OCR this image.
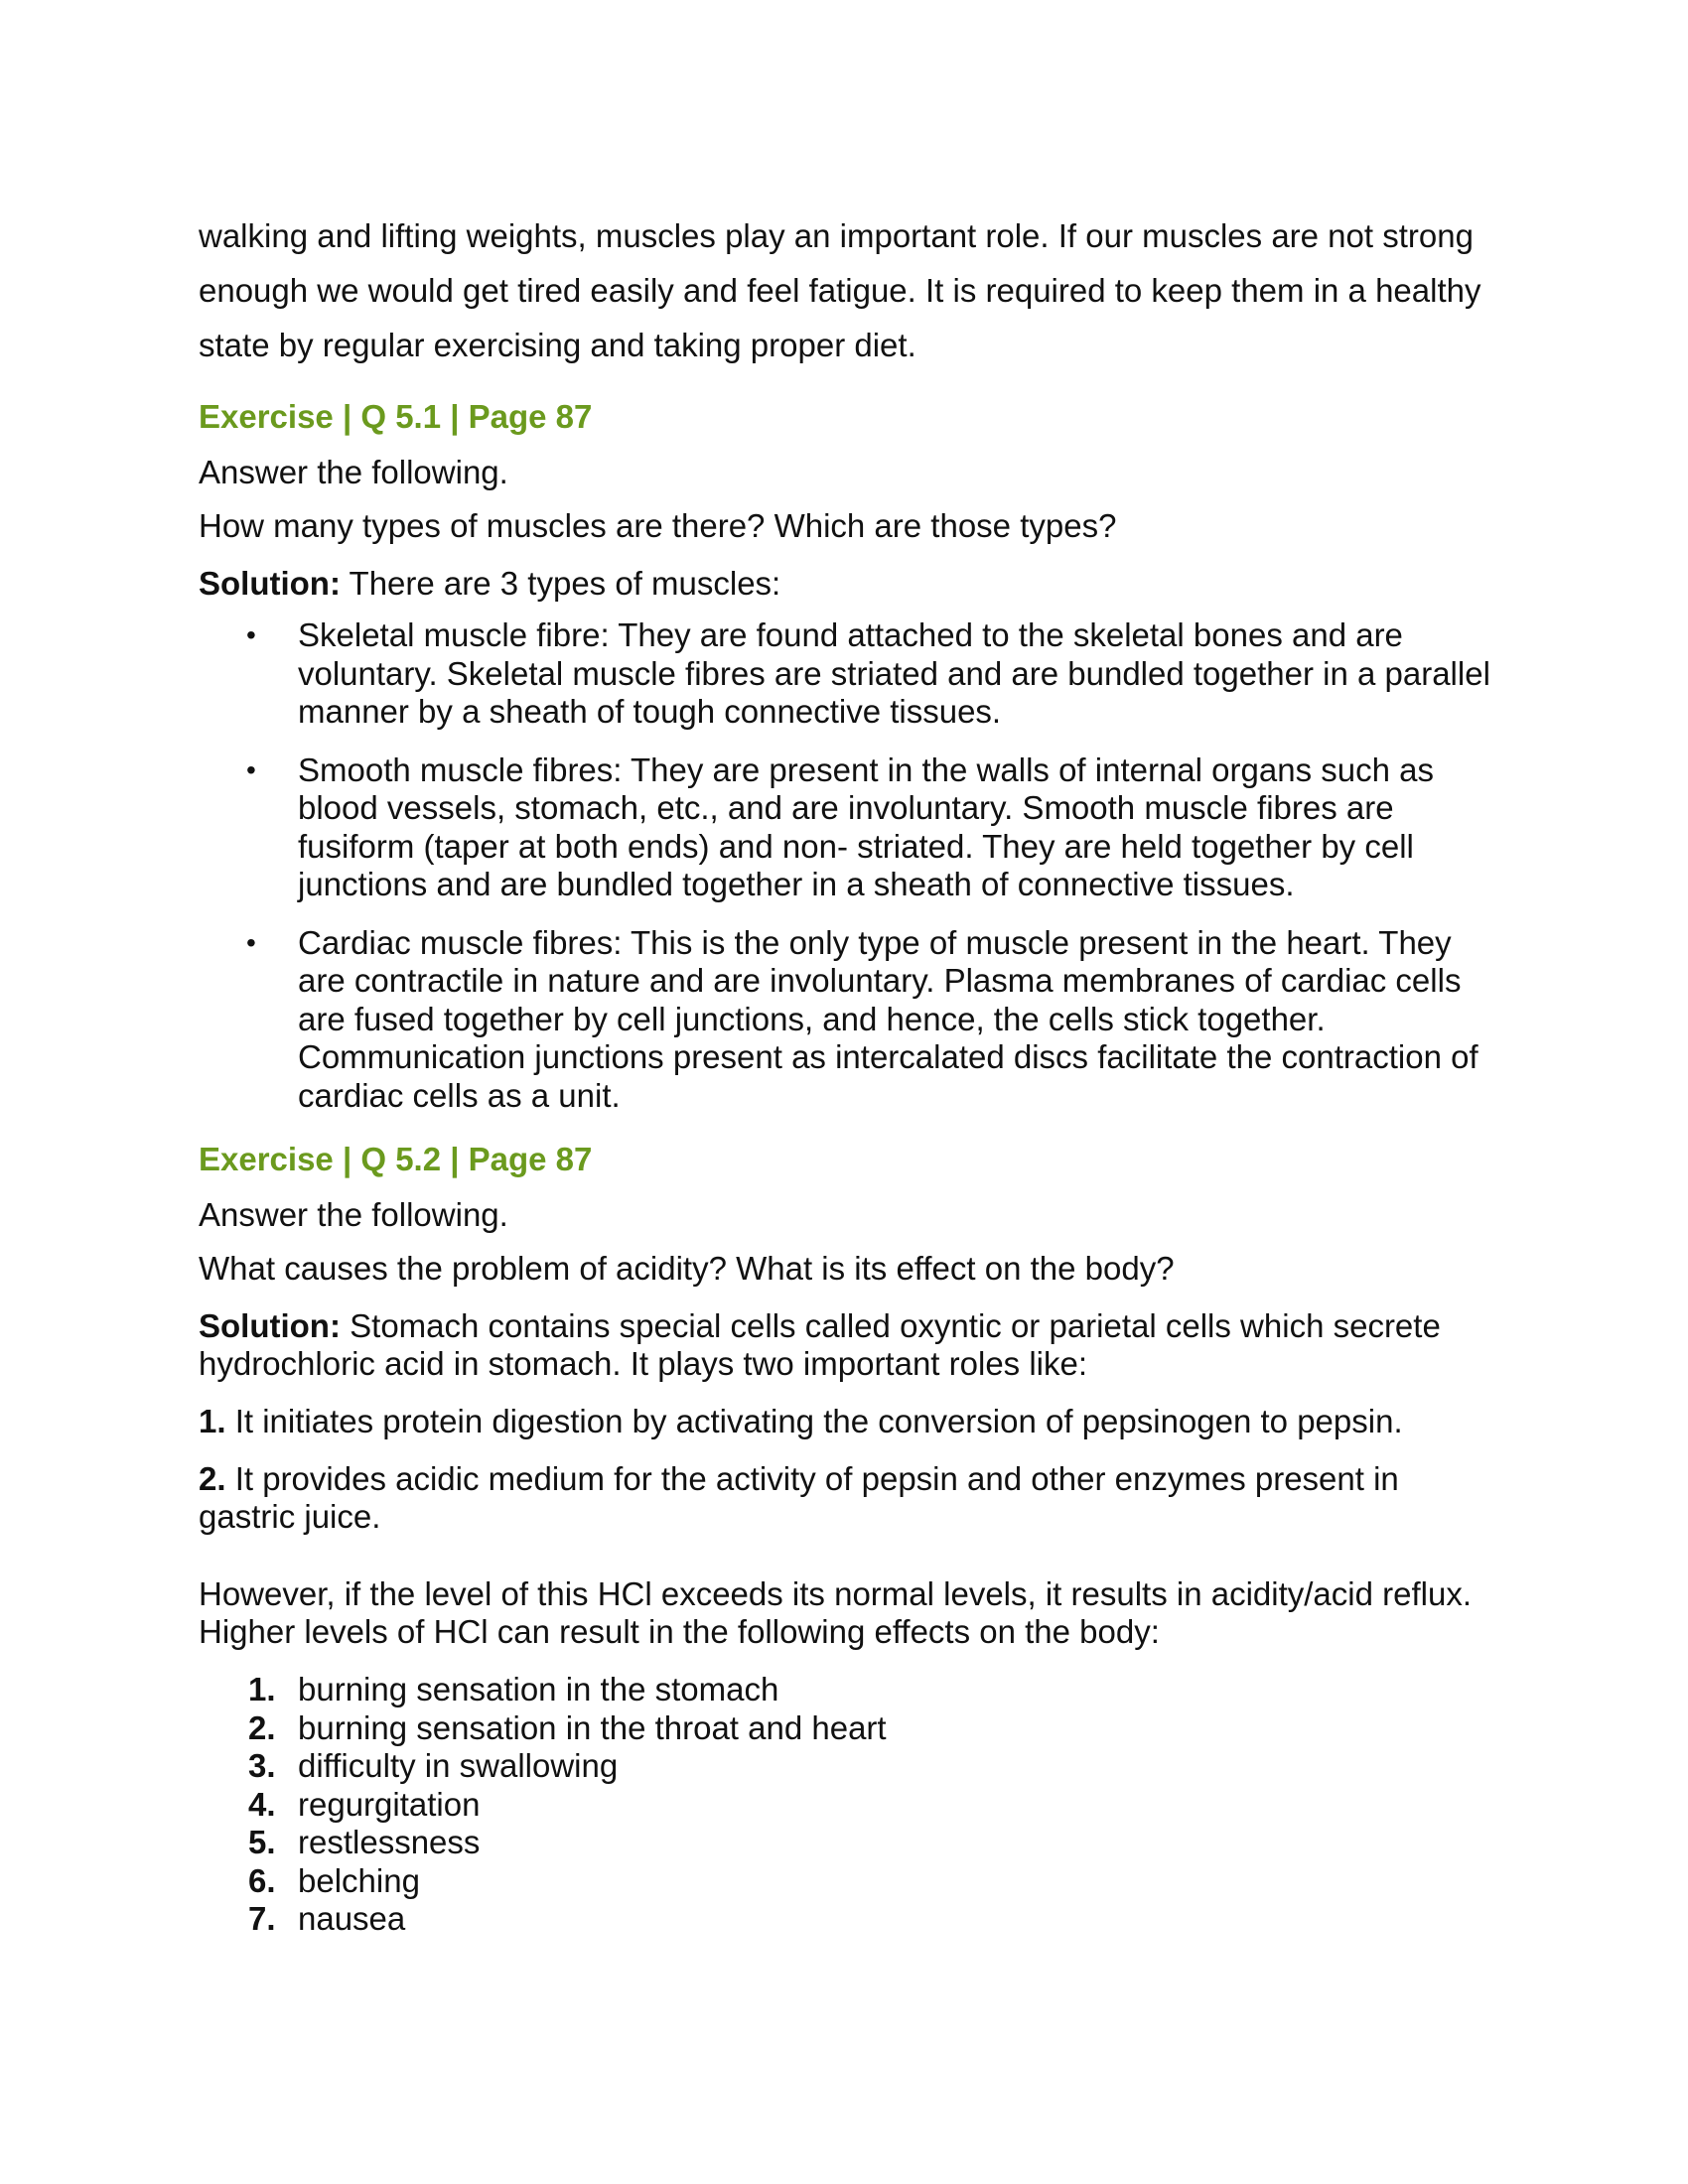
walking and lifting weights, muscles play an important role. If our muscles are not strong enough we would get tired easily and feel fatigue. It is required to keep them in a healthy state by regular exercising and taking proper diet.

Exercise | Q 5.1 | Page 87

Answer the following.

How many types of muscles are there? Which are those types?

Solution: There are 3 types of muscles:

• Skeletal muscle fibre: They are found attached to the skeletal bones and are voluntary. Skeletal muscle fibres are striated and are bundled together in a parallel manner by a sheath of tough connective tissues.
• Smooth muscle fibres: They are present in the walls of internal organs such as blood vessels, stomach, etc., and are involuntary. Smooth muscle fibres are fusiform (taper at both ends) and non- striated. They are held together by cell junctions and are bundled together in a sheath of connective tissues.
• Cardiac muscle fibres: This is the only type of muscle present in the heart. They are contractile in nature and are involuntary. Plasma membranes of cardiac cells are fused together by cell junctions, and hence, the cells stick together. Communication junctions present as intercalated discs facilitate the contraction of cardiac cells as a unit.
Exercise | Q 5.2 | Page 87

Answer the following.

What causes the problem of acidity? What is its effect on the body?

Solution: Stomach contains special cells called oxyntic or parietal cells which secrete hydrochloric acid in stomach. It plays two important roles like:

1. It initiates protein digestion by activating the conversion of pepsinogen to pepsin.

2. It provides acidic medium for the activity of pepsin and other enzymes present in gastric juice.

However, if the level of this HCl exceeds its normal levels, it results in acidity/acid reflux. Higher levels of HCl can result in the following effects on the body:

1. burning sensation in the stomach
2. burning sensation in the throat and heart
3. difficulty in swallowing
4. regurgitation
5. restlessness
6. belching
7. nausea
